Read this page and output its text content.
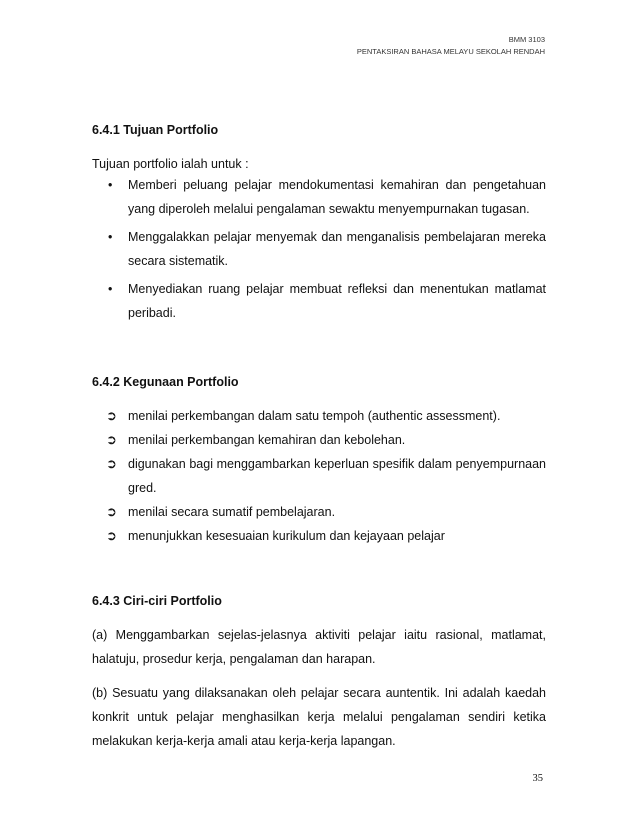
BMM 3103
PENTAKSIRAN BAHASA MELAYU SEKOLAH RENDAH
6.4.1 Tujuan Portfolio

Tujuan portfolio ialah untuk :

• Memberi peluang pelajar mendokumentasi kemahiran dan pengetahuan yang diperoleh melalui pengalaman sewaktu menyempurnakan tugasan.
• Menggalakkan pelajar menyemak dan menganalisis pembelajaran mereka secara sistematik.
• Menyediakan ruang pelajar membuat refleksi dan menentukan matlamat peribadi.
6.4.2 Kegunaan Portfolio
➲ menilai perkembangan dalam satu tempoh (authentic assessment).
➲ menilai perkembangan kemahiran dan kebolehan.
➲ digunakan bagi menggambarkan keperluan spesifik dalam penyempurnaan gred.
➲ menilai secara sumatif pembelajaran.
➲ menunjukkan kesesuaian kurikulum dan kejayaan pelajar
6.4.3 Ciri-ciri Portfolio

(a) Menggambarkan sejelas-jelasnya aktiviti pelajar iaitu rasional, matlamat, halatuju, prosedur kerja, pengalaman dan harapan.

(b) Sesuatu yang dilaksanakan oleh pelajar secara auntentik. Ini adalah kaedah konkrit untuk pelajar menghasilkan kerja melalui pengalaman sendiri ketika melakukan kerja-kerja amali atau kerja-kerja lapangan.

35
